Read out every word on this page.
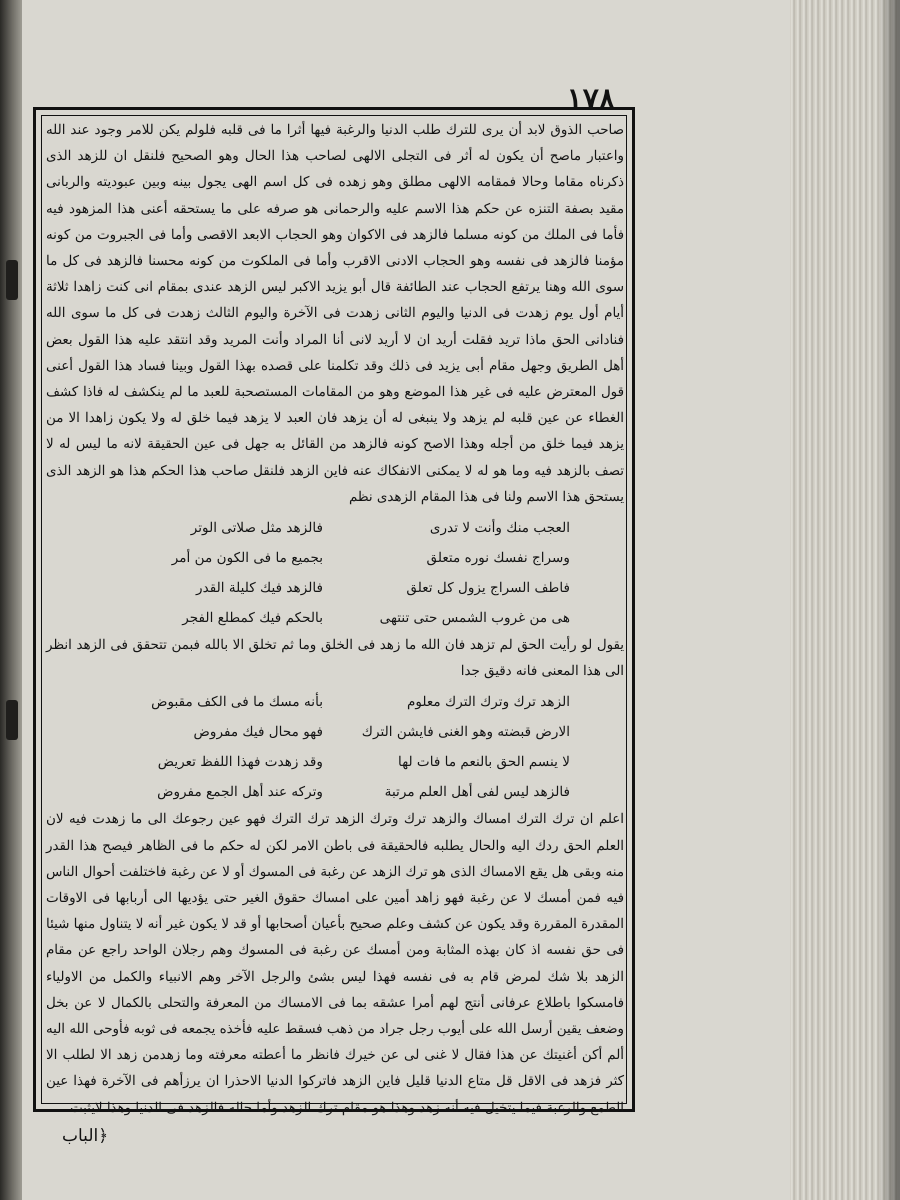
١٧٨

صاحب الذوق لابد أن يرى للترك طلب الدنيا والرغبة فيها أثرا ما فى قلبه فلولم يكن للامر وجود عند الله واعتبار ماصح أن يكون له أثر فى التجلى الالهى لصاحب هذا الحال وهو الصحيح فلنقل ان للزهد الذى ذكرناه مقاما وحالا فمقامه الالهى مطلق وهو زهده فى كل اسم الهى يجول بينه وبين عبوديته والربانى مقيد بصفة التنزه عن حكم هذا الاسم عليه والرحمانى هو صرفه على ما يستحقه أعنى هذا المزهود فيه فأما فى الملك من كونه مسلما فالزهد فى الاكوان وهو الحجاب الابعد الاقصى وأما فى الجبروت من كونه مؤمنا فالزهد فى نفسه وهو الحجاب الادنى الاقرب وأما فى الملكوت من كونه محسنا فالزهد فى كل ما سوى الله وهنا يرتفع الحجاب عند الطائفة قال أبو يزيد الاكبر ليس الزهد عندى بمقام انى كنت زاهدا ثلاثة أيام أول يوم زهدت فى الدنيا واليوم الثانى زهدت فى الآخرة واليوم الثالث زهدت فى كل ما سوى الله فنادانى الحق ماذا تريد فقلت أريد ان لا أريد لانى أنا المراد وأنت المريد وقد انتقد عليه هذا القول بعض أهل الطريق وجهل مقام أبى يزيد فى ذلك وقد تكلمنا على قصده بهذا القول وبينا فساد هذا القول أعنى قول المعترض عليه فى غير هذا الموضع وهو من المقامات المستصحبة للعبد ما لم ينكشف له فاذا كشف الغطاء عن عين قلبه لم يزهد ولا ينبغى له أن يزهد فان العبد لا يزهد فيما خلق له ولا يكون زاهدا الا من يزهد فيما خلق من أجله وهذا الاصح كونه فالزهد من القائل به جهل فى عين الحقيقة لانه ما ليس له لا تصف بالزهد فيه وما هو له لا يمكنى الانفكاك عنه فاين الزهد فلنقل صاحب هذا الحكم هذا هو الزهد الذى يستحق هذا الاسم ولنا فى هذا المقام الزهدى نظم

العجب منك وأنت لا تدرى
فالزهد مثل صلاتى الوتر
وسراج نفسك نوره متعلق
بجميع ما فى الكون من أمر
فاطف السراج يزول كل تعلق
فالزهد فيك كليلة القدر
هى من غروب الشمس حتى تنتهى
بالحكم فيك كمطلع الفجر

يقول لو رأيت الحق لم تزهد فان الله ما زهد فى الخلق وما ثم تخلق الا بالله فبمن تتحقق فى الزهد انظر الى هذا المعنى فانه دقيق جدا

الزهد ترك وترك الترك معلوم
بأنه مسك ما فى الكف مقبوض
الارض قبضته وهو الغنى فايشن الترك
فهو محال فيك مفروض
لا ينسم الحق بالنعم ما فات لها
وقد زهدت فهذا اللفظ تعريض
فالزهد ليس لفى أهل العلم مرتبة
وتركه عند أهل الجمع مفروض

اعلم ان ترك الترك امساك والزهد ترك وترك الزهد ترك الترك فهو عين رجوعك الى ما زهدت فيه لان العلم الحق ردك اليه والحال يطلبه فالحقيقة فى باطن الامر لكن له حكم ما فى الظاهر فيصح هذا القدر منه وبقى هل يقع الامساك الذى هو ترك الزهد عن رغبة فى المسوك أو لا عن رغبة فاختلفت أحوال الناس فيه فمن أمسك لا عن رغبة فهو زاهد أمين على امساك حقوق الغير حتى يؤديها الى أربابها فى الاوقات المقدرة المقررة وقد يكون عن كشف وعلم صحيح بأعيان أصحابها أو قد لا يكون غير أنه لا يتناول منها شيئا فى حق نفسه اذ كان بهذه المثابة ومن أمسك عن رغبة فى المسوك وهم رجلان الواحد راجع عن مقام الزهد بلا شك لمرض قام به فى نفسه فهذا ليس بشئ والرجل الآخر وهم الانبياء والكمل من الاولياء فامسكوا باطلاع عرفانى أنتج لهم أمرا عشقه بما فى الامساك من المعرفة والتحلى بالكمال لا عن بخل وضعف يقين أرسل الله على أيوب رجل جراد من ذهب فسقط عليه فأخذه يجمعه فى ثوبه فأوحى الله اليه ألم أكن أغنيتك عن هذا فقال لا غنى لى عن خيرك فانظر ما أعطته معرفته وما زهدمن زهد الا لطلب الا كثر فزهد فى الاقل قل متاع الدنيا قليل فاين الزهد فاتركوا الدنيا الاحذرا ان يرزأهم فى الآخرة فهذا عين الطمع والرغبة فيما يتخيل فيه أنه زهد وهذا هو مقام ترك الزهد وأما حاله فالزهد فى الدنيا وهذا لايثبت

﴿الباب
